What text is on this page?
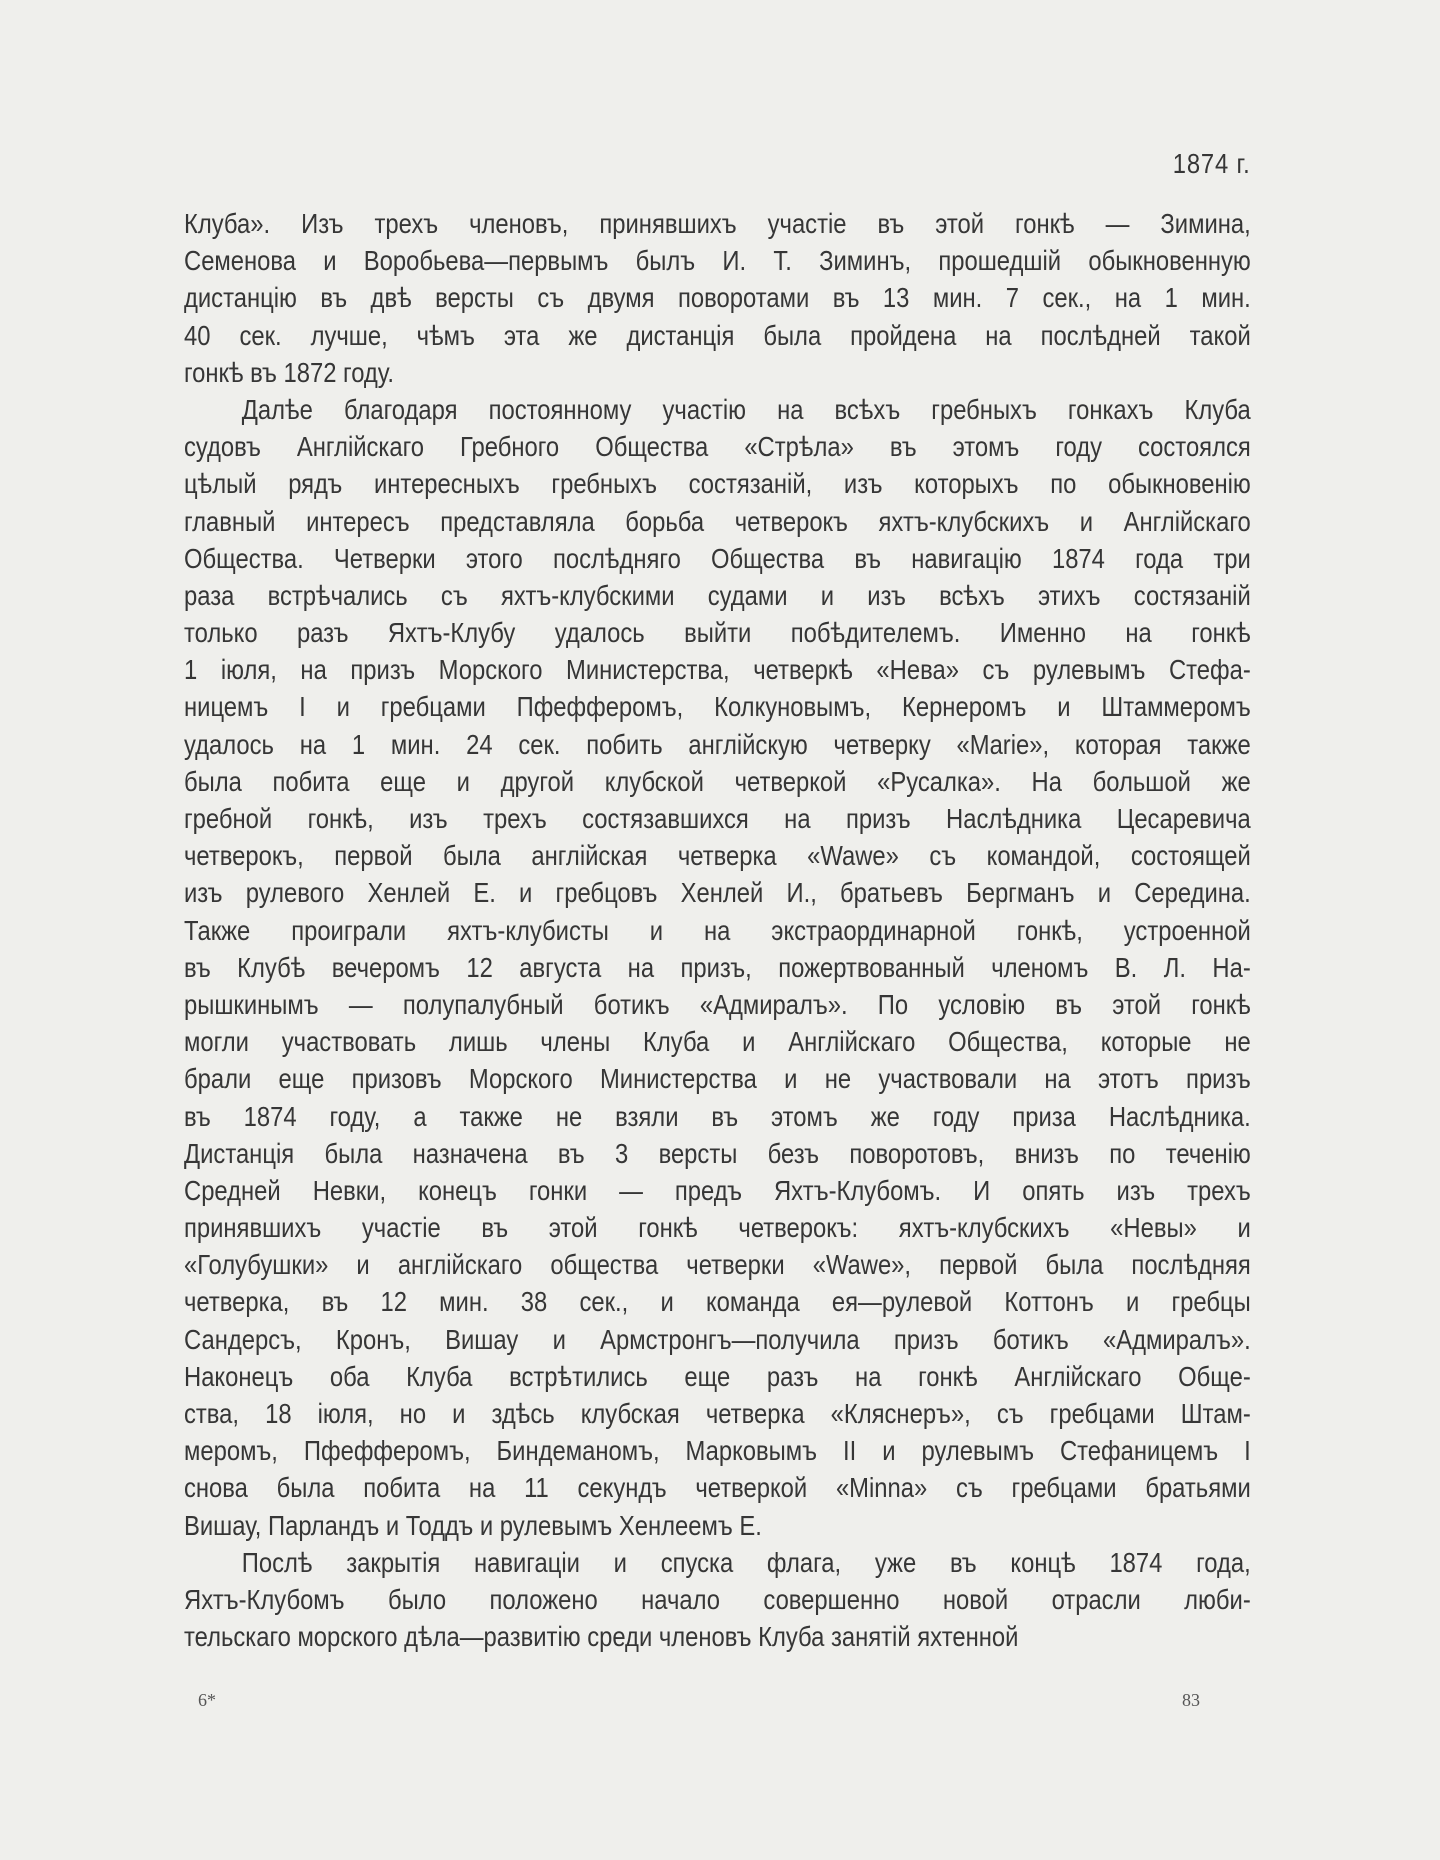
1874 г.
Клуба». Изъ трехъ членовъ, принявшихъ участіе въ этой гонкѣ — Зимина,
Семенова и Воробьева—первымъ былъ И. Т. Зиминъ, прошедшій обыкновенную
дистанцію въ двѣ версты съ двумя поворотами въ 13 мин. 7 сек., на 1 мин.
40 сек. лучше, чѣмъ эта же дистанція была пройдена на послѣдней такой
гонкѣ въ 1872 году.
Далѣе благодаря постоянному участію на всѣхъ гребныхъ гонкахъ Клуба
судовъ Англійскаго Гребного Общества «Стрѣла» въ этомъ году состоялся
цѣлый рядъ интересныхъ гребныхъ состязаній, изъ которыхъ по обыкновенію
главный интересъ представляла борьба четверокъ яхтъ-клубскихъ и Англійскаго
Общества. Четверки этого послѣдняго Общества въ навигацію 1874 года три
раза встрѣчались съ яхтъ-клубскими судами и изъ всѣхъ этихъ состязаній
только разъ Яхтъ-Клубу удалось выйти побѣдителемъ. Именно на гонкѣ
1 іюля, на призъ Морского Министерства, четверкѣ «Нева» съ рулевымъ Стефа-
ницемъ I и гребцами Пфефферомъ, Колкуновымъ, Кернеромъ и Штаммеромъ
удалось на 1 мин. 24 сек. побить англійскую четверку «Marie», которая также
была побита еще и другой клубской четверкой «Русалка». На большой же
гребной гонкѣ, изъ трехъ состязавшихся на призъ Наслѣдника Цесаревича
четверокъ, первой была англійская четверка «Wawe» съ командой, состоящей
изъ рулевого Хенлей Е. и гребцовъ Хенлей И., братьевъ Бергманъ и Середина.
Также проиграли яхтъ-клубисты и на экстраординарной гонкѣ, устроенной
въ Клубѣ вечеромъ 12 августа на призъ, пожертвованный членомъ В. Л. На-
рышкинымъ — полупалубный ботикъ «Адмиралъ». По условію въ этой гонкѣ
могли участвовать лишь члены Клуба и Англійскаго Общества, которые не
брали еще призовъ Морского Министерства и не участвовали на этотъ призъ
въ 1874 году, а также не взяли въ этомъ же году приза Наслѣдника.
Дистанція была назначена въ 3 версты безъ поворотовъ, внизъ по теченію
Средней Невки, конецъ гонки — предъ Яхтъ-Клубомъ. И опять изъ трехъ
принявшихъ участіе въ этой гонкѣ четверокъ: яхтъ-клубскихъ «Невы» и
«Голубушки» и англійскаго общества четверки «Wawe», первой была послѣдняя
четверка, въ 12 мин. 38 сек., и команда ея—рулевой Коттонъ и гребцы
Сандерсъ, Кронъ, Вишау и Армстронгъ—получила призъ ботикъ «Адмиралъ».
Наконецъ оба Клуба встрѣтились еще разъ на гонкѣ Англійскаго Обще-
ства, 18 іюля, но и здѣсь клубская четверка «Кляснеръ», съ гребцами Штам-
меромъ, Пфефферомъ, Биндеманомъ, Марковымъ II и рулевымъ Стефаницемъ I
снова была побита на 11 секундъ четверкой «Minna» съ гребцами братьями
Вишау, Парландъ и Тоддъ и рулевымъ Хенлеемъ Е.
Послѣ закрытія навигаціи и спуска флага, уже въ концѣ 1874 года,
Яхтъ-Клубомъ было положено начало совершенно новой отрасли люби-
тельскаго морского дѣла—развитію среди членовъ Клуба занятій яхтенной
6*	83
